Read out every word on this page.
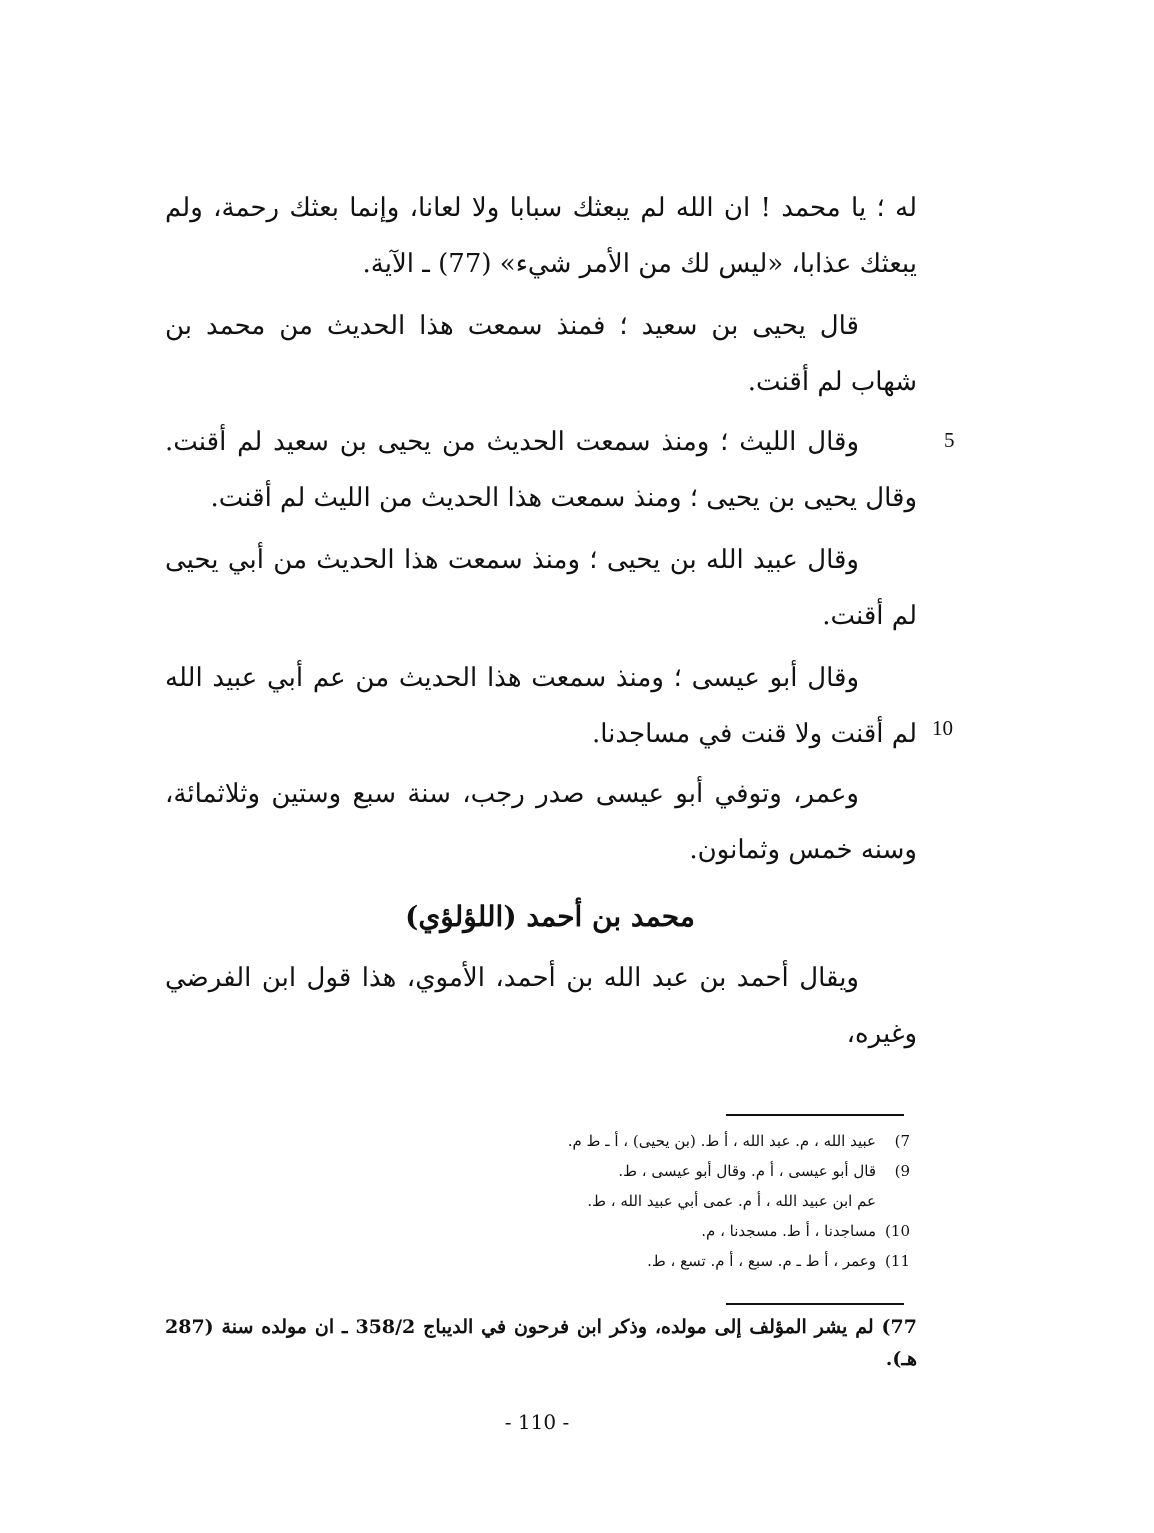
له ؛ يا محمد ! ان الله لم يبعثك سبابا ولا لعانا، وإنما بعثك رحمة، ولم يبعثك عذابا، «ليس لك من الأمر شيء» (77) ـ الآية.
قال يحيى بن سعيد ؛ فمنذ سمعت هذا الحديث من محمد بن شهاب لم أقنت.
وقال الليث ؛ ومنذ سمعت الحديث من يحيى بن سعيد لم أقنت. وقال يحيى بن يحيى ؛ ومنذ سمعت هذا الحديث من الليث لم أقنت.
وقال عبيد الله بن يحيى ؛ ومنذ سمعت هذا الحديث من أبي يحيى لم أقنت.
وقال أبو عيسى ؛ ومنذ سمعت هذا الحديث من عم أبي عبيد الله لم أقنت ولا قنت في مساجدنا.
وعمر، وتوفي أبو عيسى صدر رجب، سنة سبع وستين وثلاثمائة، وسنه خمس وثمانون.
5
10
محمد بن أحمد (اللؤلؤي)
ويقال أحمد بن عبد الله بن أحمد، الأموي، هذا قول ابن الفرضي وغيره،
7)
عبيد الله ، م. عبد الله ، أ ط. (بن يحيى) ، أ ـ ط م.
9)
قال أبو عيسى ، أ م. وقال أبو عيسى ، ط.
عم ابن عبيد الله ، أ م. عمى أبي عبيد الله ، ط.
10)
مساجدنا ، أ ط. مسجدنا ، م.
11)
وعمر ، أ ط ـ م. سبع ، أ م. تسع ، ط.
77) لم يشر المؤلف إلى مولده، وذكر ابن فرحون في الديباج 358/2 ـ ان مولده سنة (287 هـ).
- 110 -
